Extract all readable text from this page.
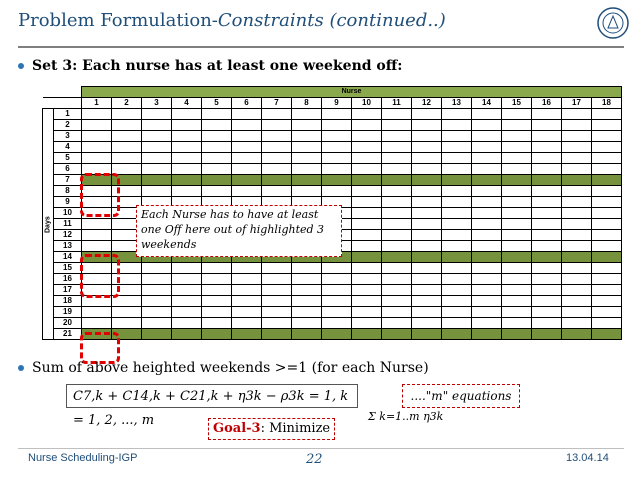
Problem Formulation-Constraints (continued..)
Set 3: Each nurse has at least one weekend off:
		Nurse																	
		1	2	3	4	5	6	7	8	9	10	11	12	13	14	15	16	17	18
Days	1																		
	2																		
	3																		
	4																		
	5																		
	6																		
	7																		
	8																		
	9																		
	10																		
	11																		
	12																		
	13																		
	14																		
	15																		
	16																		
	17																		
	18																		
	19																		
	20																		
	21																		
Each Nurse has to have at least one Off here out of highlighted 3 weekends
Sum of above heighted weekends >=1 (for each Nurse)
C7,k + C14,k + C21,k + η3k − ρ3k = 1, k = 1, 2, ..., m
...."m" equations
Goal-3: Minimize
Σ k=1..m η3k
Nurse Scheduling-IGP	22	13.04.14
